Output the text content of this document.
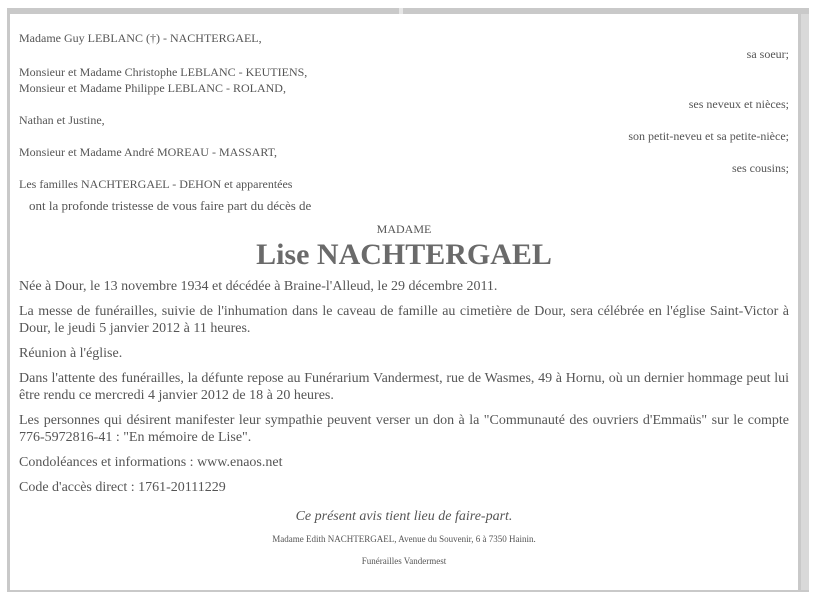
Madame Guy LEBLANC (†) - NACHTERGAEL,
sa soeur;
Monsieur et Madame Christophe LEBLANC - KEUTIENS,
Monsieur et Madame Philippe LEBLANC - ROLAND,
ses neveux et nièces;
Nathan et Justine,
son petit-neveu et sa petite-nièce;
Monsieur et Madame André MOREAU - MASSART,
ses cousins;
Les familles NACHTERGAEL - DEHON et apparentées
ont la profonde tristesse de vous faire part du décès de
MADAME
Lise NACHTERGAEL
Née à Dour, le 13 novembre 1934 et décédée à Braine-l'Alleud, le 29 décembre 2011.
La messe de funérailles, suivie de l'inhumation dans le caveau de famille au cimetière de Dour, sera célébrée en l'église Saint-Victor à Dour, le jeudi 5 janvier 2012 à 11 heures.
Réunion à l'église.
Dans l'attente des funérailles, la défunte repose au Funérarium Vandermest, rue de Wasmes, 49 à Hornu, où un dernier hommage peut lui être rendu ce mercredi 4 janvier 2012 de 18 à 20 heures.
Les personnes qui désirent manifester leur sympathie peuvent verser un don à la "Communauté des ouvriers d'Emmaüs" sur le compte 776-5972816-41 : "En mémoire de Lise".
Condoléances et informations : www.enaos.net
Code d'accès direct : 1761-20111229
Ce présent avis tient lieu de faire-part.
Madame Edith NACHTERGAEL, Avenue du Souvenir, 6 à 7350 Hainin.
Funérailles Vandermest
